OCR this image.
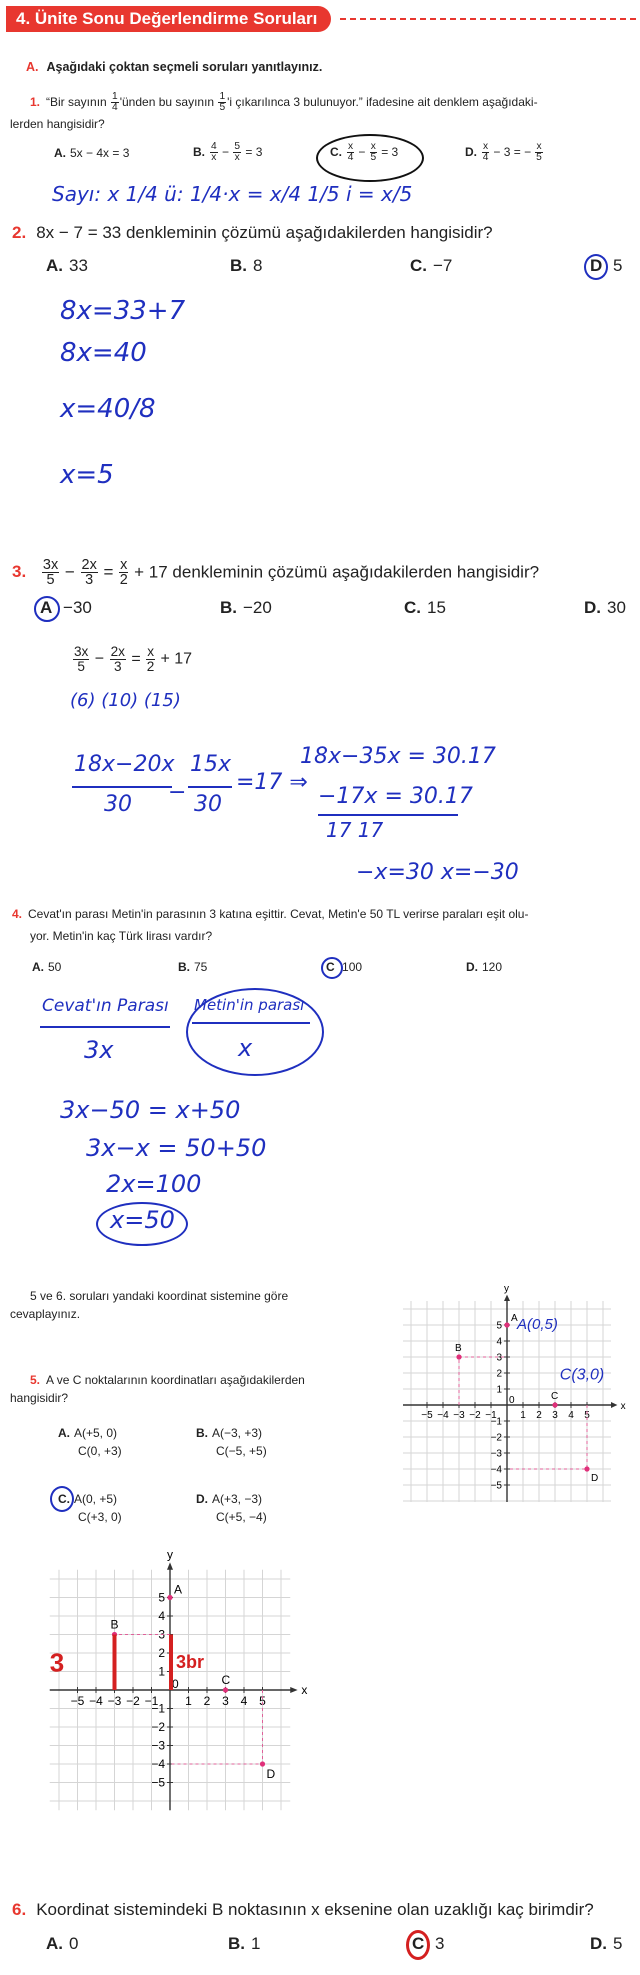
4. Ünite Sonu Değerlendirme Soruları
A. Aşağıdaki çoktan seçmeli soruları yanıtlayınız.
1. “Bir sayının $\frac{1}{4}$ 'ünden bu sayının $\frac{1}{5}$ 'i çıkarılınca 3 bulunuyor.” ifadesine ait denklem aşağıdaki-
lerden hangisidir?
A. 5x − 4x = 3	B. $\frac{4}{x} - \frac{5}{x} = 3$	C. $\frac{x}{4} - \frac{x}{5} = 3$	D. $\frac{x}{4} - 3$ = − $\frac{x}{5}$
Sayı: x 1/4 ü: 1/4·x = x/4 1/5 i = x/5
2. 8x − 7 = 33 denkleminin çözümü aşağıdakilerden hangisidir?
A. 33	B. 8	C. −7	D 5
8x=33+7
8x=40
x=40/8
x=5
3. $\frac{3x}{5} - \frac{2x}{3} = \frac{x}{2} + 17$ denkleminin çözümü aşağıdakilerden hangisidir?
A −30	B. −20	C. 15	D. 30
$\frac{3x}{5} - \frac{2x}{3} = \frac{x}{2} + 17$
(6) (10) (15)
18x−20x
30 −
15x
30
=17 ⇒
18x−35x = 30.17
−17x = 30.17
17 17
−x=30 x=−30
4. Cevat'ın parası Metin'in parasının 3 katına eşittir. Cevat, Metin'e 50 TL verirse paraları eşit olu-
yor. Metin'in kaç Türk lirası vardır?
A. 50	B. 75	C 100	D. 120
Cevat'ın Parası
3x
Metin'in parası
x
3x−50 = x+50
3x−x = 50+50
2x=100
x=50
5 ve 6. soruları yandaki koordinat sistemine göre
cevaplayınız.
x
y
0
−5 −4 −3 −2 −1 1 2 3 4 5
5
4
3
2
1
−1
−2
−3
−4
−5
A
B
C
D
A(0,5)
C(3,0)
5. A ve C noktalarının koordinatları aşağıdakilerden
hangisidir?
A. A(+5, 0)
C(0, +3)
B. A(−3, +3)
C(−5, +5)
C. A(0, +5)
C(+3, 0)
D. A(+3, −3)
C(+5, −4)
x
y
0
−5 −4 −3 −2 −1 1 2 3 4 5
5
4
3
2
1
−1
−2
−3
−4
−5
A
B
C
D
3	3br
6. Koordinat sistemindeki B noktasının x eksenine olan uzaklığı kaç birimdir?
A. 0	B. 1	C 3	D. 5
